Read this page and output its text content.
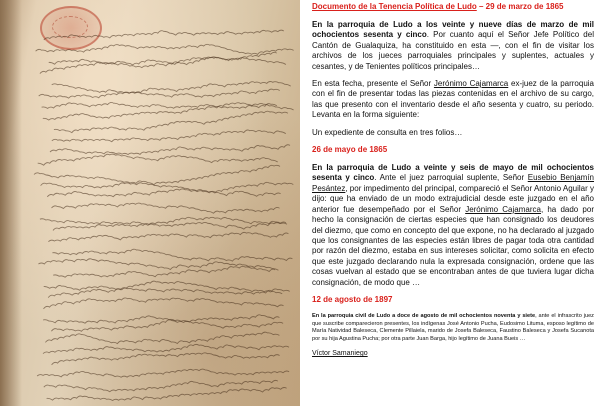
Documento de la Tenencia Política de Ludo – 29 de marzo de 1865

En la parroquia de Ludo a los veinte y nueve días de marzo de mil ochocientos sesenta y cinco. Por cuanto aquí el Señor Jefe Político del Cantón de Gualaquiza, ha constituido en esta —, con el fin de visitar los archivos de los jueces parroquiales principales y suplentes, actuales y cesantes, y de Tenientes políticos principales…

En esta fecha, presente el Señor Jerónimo Cajamarca ex-juez de la parroquia con el fin de presentar todas las piezas contenidas en el archivo de su cargo, las que presento con el inventario desde el año sesenta y cuatro, su periodo. Levanta en la forma siguiente:

Un expediente de consulta en tres folios…

26 de mayo de 1865

En la parroquia de Ludo a veinte y seis de mayo de mil ochocientos sesenta y cinco. Ante el juez parroquial suplente, Señor Eusebio Benjamín Pesántez, por impedimento del principal, compareció el Señor Antonio Aguilar y dijo: que ha enviado de un modo extrajudicial desde este juzgado en el año anterior fue desempeñado por el Señor Jerónimo Cajamarca, ha dado por hecho la consignación de ciertas especies que han consignado los deudores del diezmo, que como en concepto del que expone, no ha declarado al juzgado que los consignantes de las especies están libres de pagar toda otra cantidad por razón del diezmo, estaba en sus intereses solicitar, como solicita en efecto que este juzgado declarando nula la expresada consignación, ordene que las cosas vuelvan al estado que se encontraban antes de que tuviera lugar dicha consignación, de modo que …

12 de agosto de 1897

En la parroquia civil de Ludo a doce de agosto de mil ochocientos noventa y siete, ante el infrascrito juez que suscribe comparecieron presentes, los indígenas José Antonio Pucha, Eudosimo Lituma, esposo legítimo de María Natividad Baleseca, Clemente Pillaiela, marido de Josefa Baleseca, Faustino Baleseca y Josefa Sucanota por su hija Agustina Pucha; por otra parte Juan Barga, hijo legítimo de Juana Bueis …

Víctor Samaniego
